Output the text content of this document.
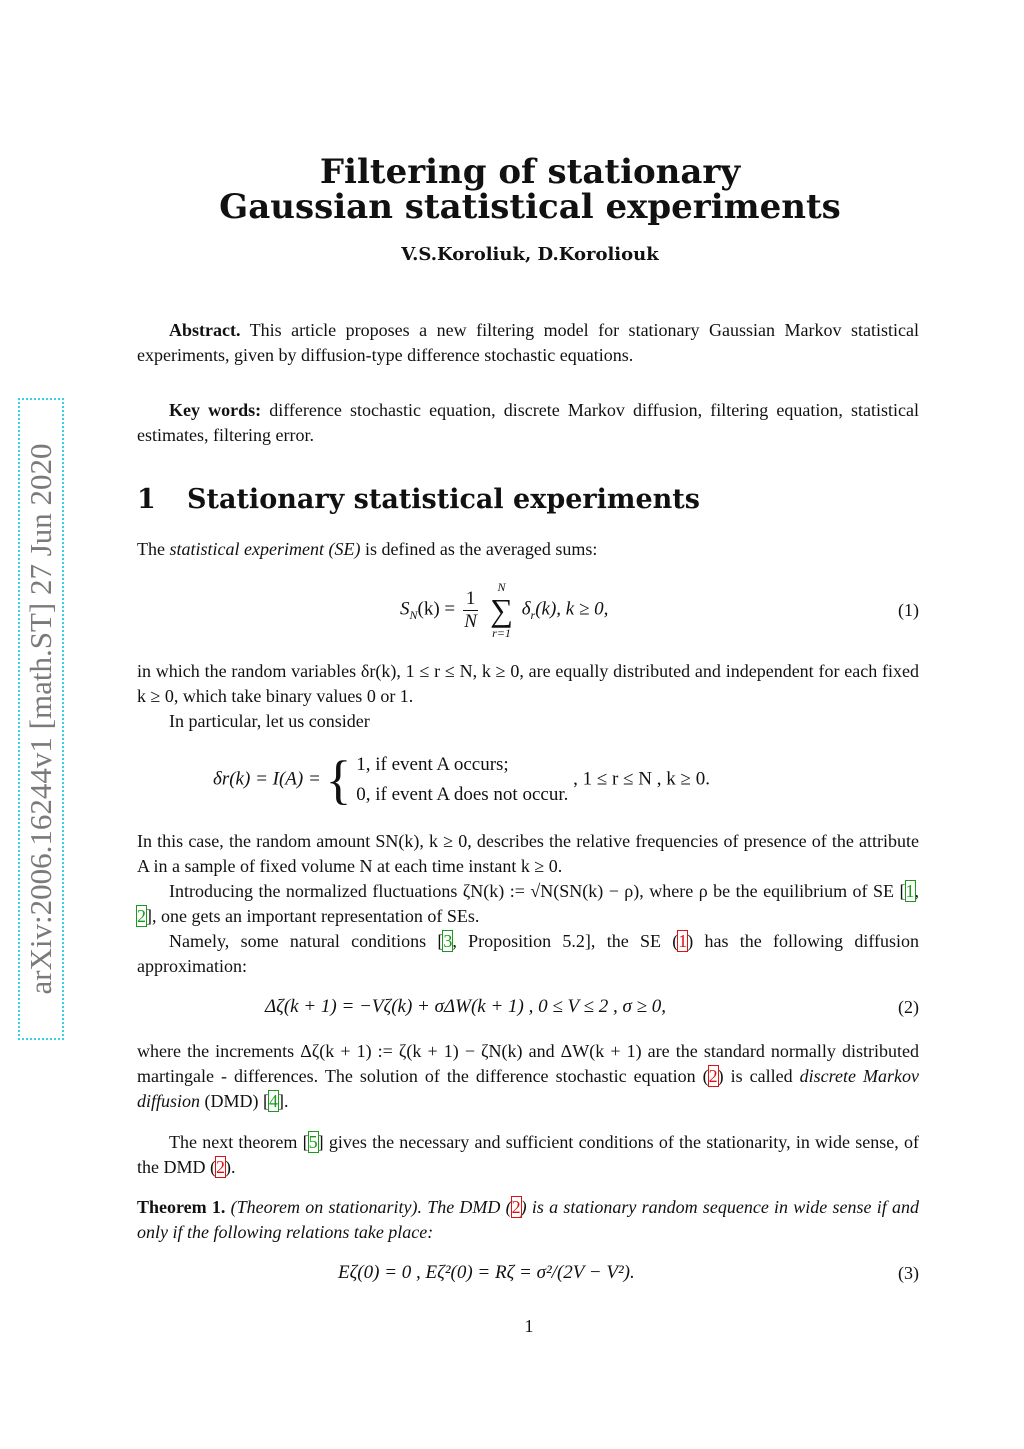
arXiv:2006.16244v1 [math.ST] 27 Jun 2020
Filtering of stationary
Gaussian statistical experiments
V.S.Koroliuk, D.Koroliouk
Abstract. This article proposes a new filtering model for stationary Gaussian Markov statistical experiments, given by diffusion-type difference stochastic equations.
Key words: difference stochastic equation, discrete Markov diffusion, filtering equation, statistical estimates, filtering error.
1 Stationary statistical experiments
The statistical experiment (SE) is defined as the averaged sums:
$S_N(k) = \frac{1}{N}$

N
∑
r=1
$\delta_r(k)$, k ≥ 0,	(1)
in which the random variables δr(k), 1 ≤ r ≤ N, k ≥ 0, are equally distributed and independent for each fixed k ≥ 0, which take binary values 0 or 1.
In particular, let us consider
δr(k) = I(A) = { 1, if event A occurs;
0, if event A does not occur.
, 1 ≤ r ≤ N , k ≥ 0.
In this case, the random amount SN(k), k ≥ 0, describes the relative frequencies of presence of the attribute A in a sample of fixed volume N at each time instant k ≥ 0.
Introducing the normalized fluctuations ζN(k) := √N(SN(k) − ρ), where ρ be the equilibrium of SE [1, 2], one gets an important representation of SEs.
Namely, some natural conditions [3, Proposition 5.2], the SE (1) has the following diffusion approximation:
Δζ(k + 1) = −Vζ(k) + σΔW(k + 1) , 0 ≤ V ≤ 2 , σ ≥ 0,	(2)
where the increments Δζ(k + 1) := ζ(k + 1) − ζN(k) and ΔW(k + 1) are the standard normally distributed martingale - differences. The solution of the difference stochastic equation (2) is called discrete Markov diffusion (DMD) [4].
The next theorem [5] gives the necessary and sufficient conditions of the stationarity, in wide sense, of the DMD (2).
Theorem 1. (Theorem on stationarity). The DMD (2) is a stationary random sequence in wide sense if and only if the following relations take place:
Eζ(0) = 0 , Eζ²(0) = Rζ = σ²/(2V − V²).	(3)
1
